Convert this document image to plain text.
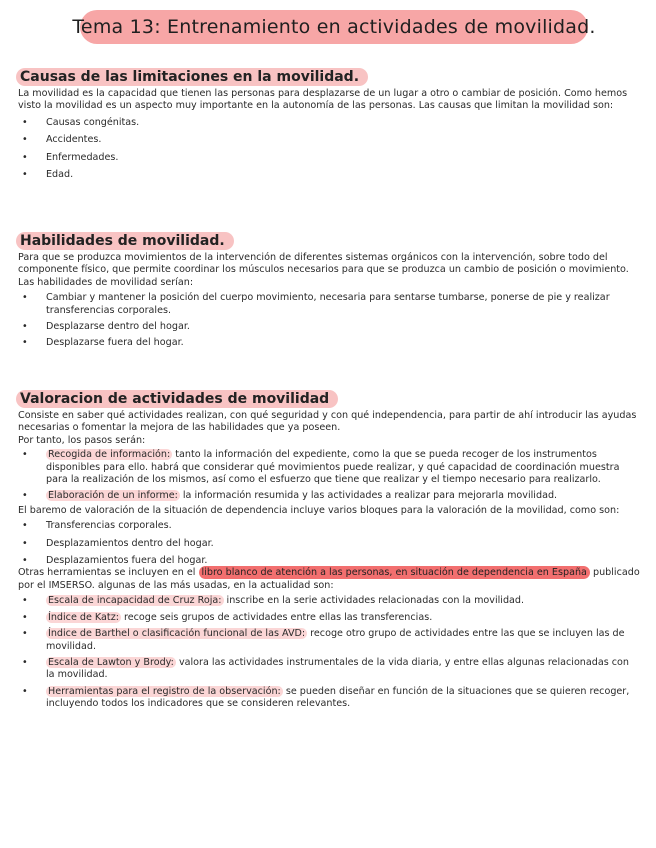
Tema 13: Entrenamiento en actividades de movilidad.
Causas de las limitaciones en la movilidad.

La movilidad es la capacidad que tienen las personas para desplazarse de un lugar a otro o cambiar de posición. Como hemos visto la movilidad es un aspecto muy importante en la autonomía de las personas. Las causas que limitan la movilidad son:

• Causas congénitas.
• Accidentes.
• Enfermedades.
• Edad.
Habilidades de movilidad.

Para que se produzca movimientos de la intervención de diferentes sistemas orgánicos con la intervención, sobre todo del componente físico, que permite coordinar los músculos necesarios para que se produzca un cambio de posición o movimiento. Las habilidades de movilidad serían:

• Cambiar y mantener la posición del cuerpo movimiento, necesaria para sentarse tumbarse, ponerse de pie y realizar transferencias corporales.
• Desplazarse dentro del hogar.
• Desplazarse fuera del hogar.
Valoracion de actividades de movilidad

Consiste en saber qué actividades realizan, con qué seguridad y con qué independencia, para partir de ahí introducir las ayudas necesarias o fomentar la mejora de las habilidades que ya poseen.

Por tanto, los pasos serán:

• Recogida de información: tanto la información del expediente, como la que se pueda recoger de los instrumentos disponibles para ello. habrá que considerar qué movimientos puede realizar, y qué capacidad de coordinación muestra para la realización de los mismos, así como el esfuerzo que tiene que realizar y el tiempo necesario para realizarlo.
• Elaboración de un informe: la información resumida y las actividades a realizar para mejorarla movilidad.

El baremo de valoración de la situación de dependencia incluye varios bloques para la valoración de la movilidad, como son:

• Transferencias corporales.
• Desplazamientos dentro del hogar.
• Desplazamientos fuera del hogar.

Otras herramientas se incluyen en el libro blanco de atención a las personas, en situación de dependencia en España publicado por el IMSERSO. algunas de las más usadas, en la actualidad son:

• Escala de incapacidad de Cruz Roja: inscribe en la serie actividades relacionadas con la movilidad.
• Índice de Katz: recoge seis grupos de actividades entre ellas las transferencias.
• Índice de Barthel o clasificación funcional de las AVD: recoge otro grupo de actividades entre las que se incluyen las de movilidad.
• Escala de Lawton y Brody: valora las actividades instrumentales de la vida diaria, y entre ellas algunas relacionadas con la movilidad.
• Herramientas para el registro de la observación: se pueden diseñar en función de la situaciones que se quieren recoger, incluyendo todos los indicadores que se consideren relevantes.
